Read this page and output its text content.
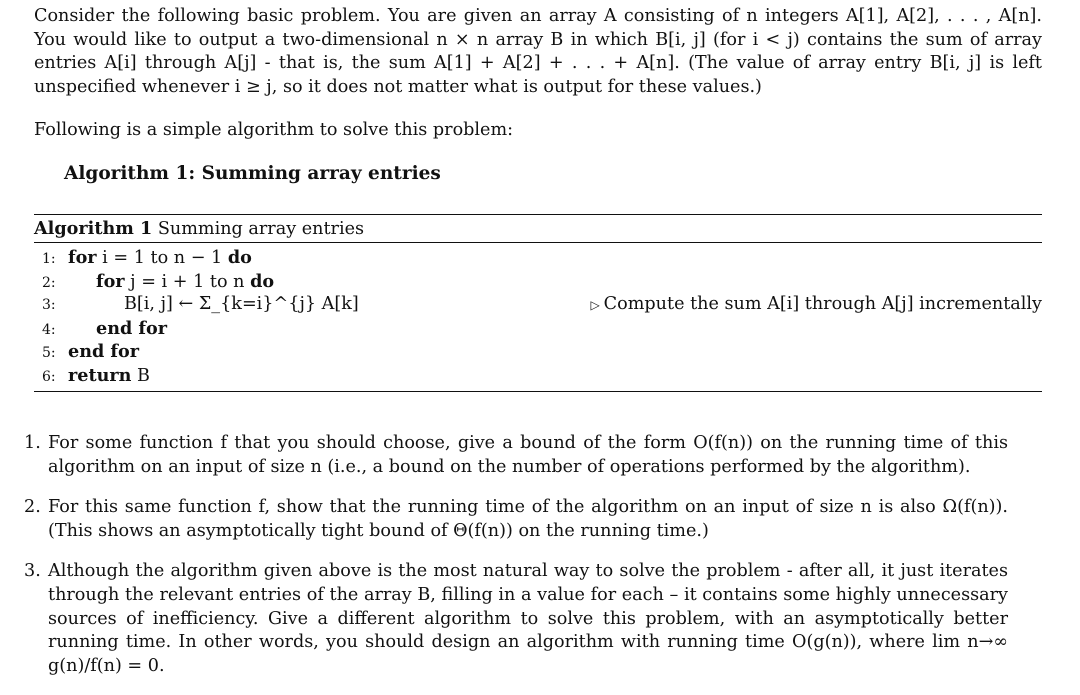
Consider the following basic problem. You are given an array A consisting of n integers A[1], A[2], . . . , A[n]. You would like to output a two-dimensional n × n array B in which B[i, j] (for i < j) contains the sum of array entries A[i] through A[j] - that is, the sum A[1] + A[2] + . . . + A[n]. (The value of array entry B[i, j] is left unspecified whenever i ≥ j, so it does not matter what is output for these values.)

Following is a simple algorithm to solve this problem:

Algorithm 1: Summing array entries
Algorithm 1 Summing array entries
1: for i = 1 to n − 1 do
2: for j = i + 1 to n do
3:	B[i, j] ← Σ_{k=i}^{j} A[k]	▷ Compute the sum A[i] through A[j] incrementally
4: end for
5: end for
6: return B
1. For some function f that you should choose, give a bound of the form O(f(n)) on the running time of this algorithm on an input of size n (i.e., a bound on the number of operations performed by the algorithm).
2. For this same function f, show that the running time of the algorithm on an input of size n is also Ω(f(n)). (This shows an asymptotically tight bound of Θ(f(n)) on the running time.)
3. Although the algorithm given above is the most natural way to solve the problem - after all, it just iterates through the relevant entries of the array B, filling in a value for each – it contains some highly unnecessary sources of inefficiency. Give a different algorithm to solve this problem, with an asymptotically better running time. In other words, you should design an algorithm with running time O(g(n)), where lim n→∞ g(n)/f(n) = 0.
